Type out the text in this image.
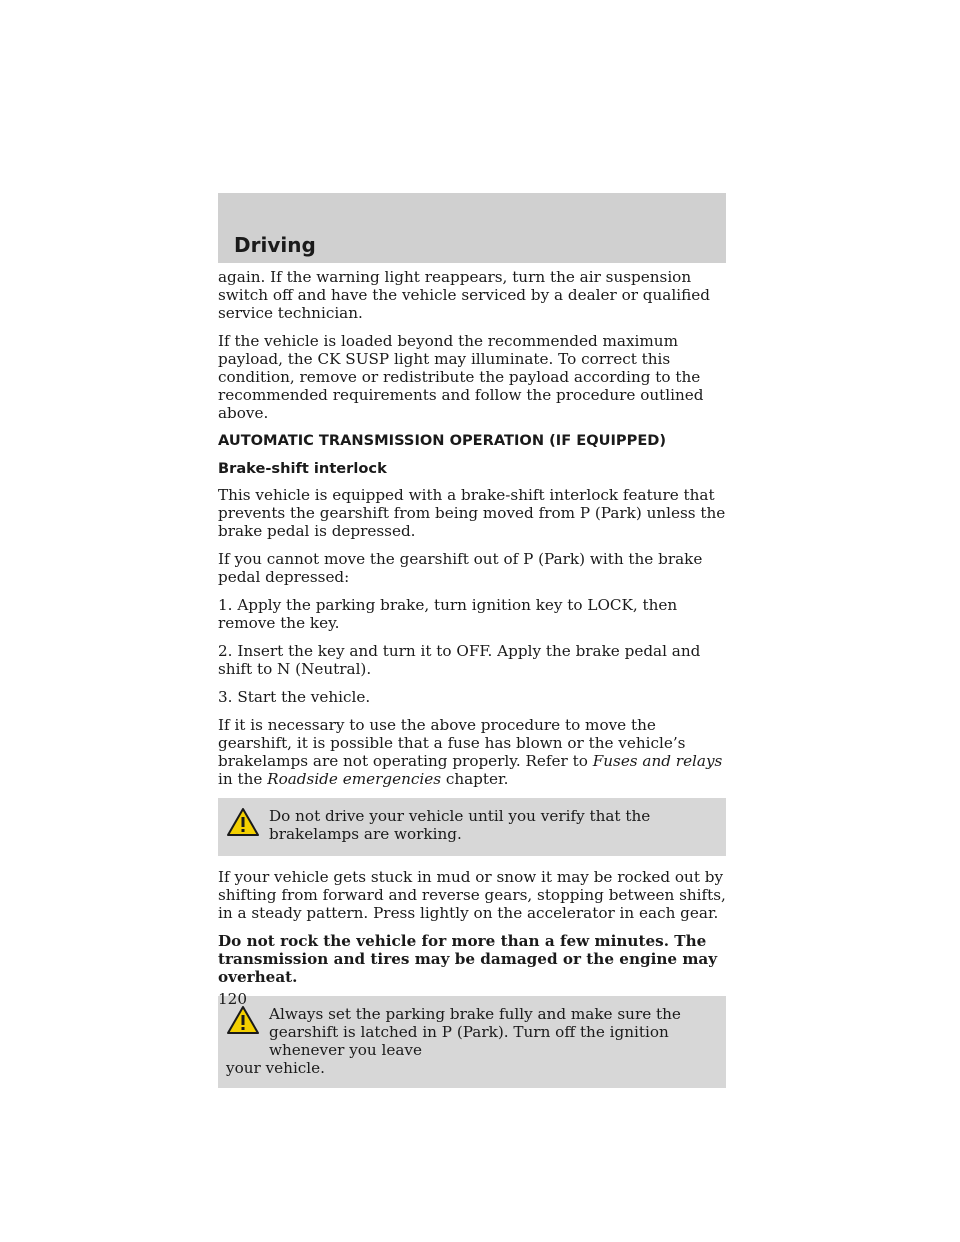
Driving

again. If the warning light reappears, turn the air suspension switch off and have the vehicle serviced by a dealer or qualified service technician.

If the vehicle is loaded beyond the recommended maximum payload, the CK SUSP light may illuminate. To correct this condition, remove or redistribute the payload according to the recommended requirements and follow the procedure outlined above.

AUTOMATIC TRANSMISSION OPERATION (IF EQUIPPED)
Brake-shift interlock

This vehicle is equipped with a brake-shift interlock feature that prevents the gearshift from being moved from P (Park) unless the brake pedal is depressed.

If you cannot move the gearshift out of P (Park) with the brake pedal depressed:

1. Apply the parking brake, turn ignition key to LOCK, then remove the key.

2. Insert the key and turn it to OFF. Apply the brake pedal and shift to N (Neutral).

3. Start the vehicle.

If it is necessary to use the above procedure to move the gearshift, it is possible that a fuse has blown or the vehicle’s brakelamps are not operating properly. Refer to Fuses and relays in the Roadside emergencies chapter.

Do not drive your vehicle until you verify that the brakelamps are working.

If your vehicle gets stuck in mud or snow it may be rocked out by shifting from forward and reverse gears, stopping between shifts, in a steady pattern. Press lightly on the accelerator in each gear.

Do not rock the vehicle for more than a few minutes. The transmission and tires may be damaged or the engine may overheat.

Always set the parking brake fully and make sure the gearshift is latched in P (Park). Turn off the ignition whenever you leave
your vehicle.
120
